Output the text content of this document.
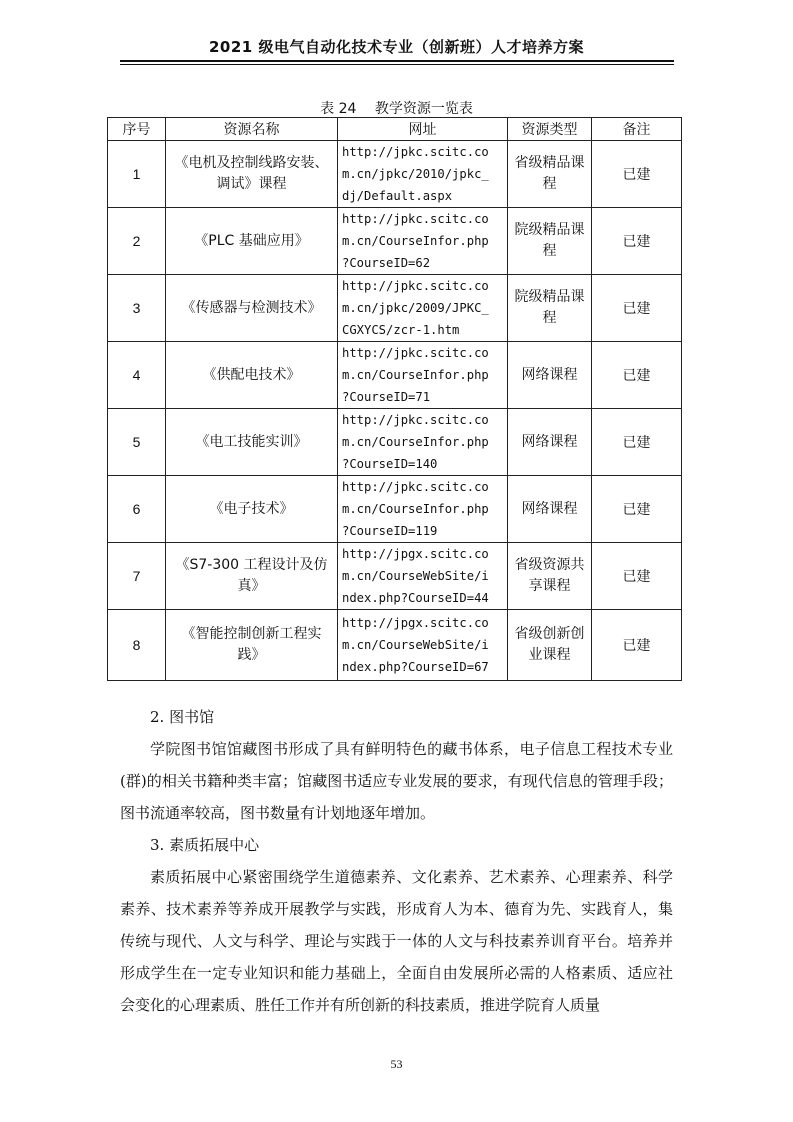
2021 级电气自动化技术专业（创新班）人才培养方案
表 24　 教学资源一览表
序号	资源名称	网址	资源类型	备注
1	《电机及控制线路安装、调试》课程	http://jpkc.scitc.co
m.cn/jpkc/2010/jpkc_
dj/Default.aspx	省级精品课程	已建
2	《PLC 基础应用》	http://jpkc.scitc.co
m.cn/CourseInfor.php
?CourseID=62	院级精品课程	已建
3	《传感器与检测技术》	http://jpkc.scitc.co
m.cn/jpkc/2009/JPKC_
CGXYCS/zcr-1.htm	院级精品课程	已建
4	《供配电技术》	http://jpkc.scitc.co
m.cn/CourseInfor.php
?CourseID=71	网络课程	已建
5	《电工技能实训》	http://jpkc.scitc.co
m.cn/CourseInfor.php
?CourseID=140	网络课程	已建
6	《电子技术》	http://jpkc.scitc.co
m.cn/CourseInfor.php
?CourseID=119	网络课程	已建
7	《S7-300 工程设计及仿真》	http://jpgx.scitc.co
m.cn/CourseWebSite/i
ndex.php?CourseID=44	省级资源共享课程	已建
8	《智能控制创新工程实践》	http://jpgx.scitc.co
m.cn/CourseWebSite/i
ndex.php?CourseID=67	省级创新创业课程	已建
2. 图书馆
学院图书馆馆藏图书形成了具有鲜明特色的藏书体系，电子信息工程技术专业(群)的相关书籍种类丰富；馆藏图书适应专业发展的要求，有现代信息的管理手段；图书流通率较高，图书数量有计划地逐年增加。
3. 素质拓展中心
素质拓展中心紧密围绕学生道德素养、文化素养、艺术素养、心理素养、科学素养、技术素养等养成开展教学与实践，形成育人为本、德育为先、实践育人，集传统与现代、人文与科学、理论与实践于一体的人文与科技素养训育平台。培养并形成学生在一定专业知识和能力基础上，全面自由发展所必需的人格素质、适应社会变化的心理素质、胜任工作并有所创新的科技素质，推进学院育人质量
53
